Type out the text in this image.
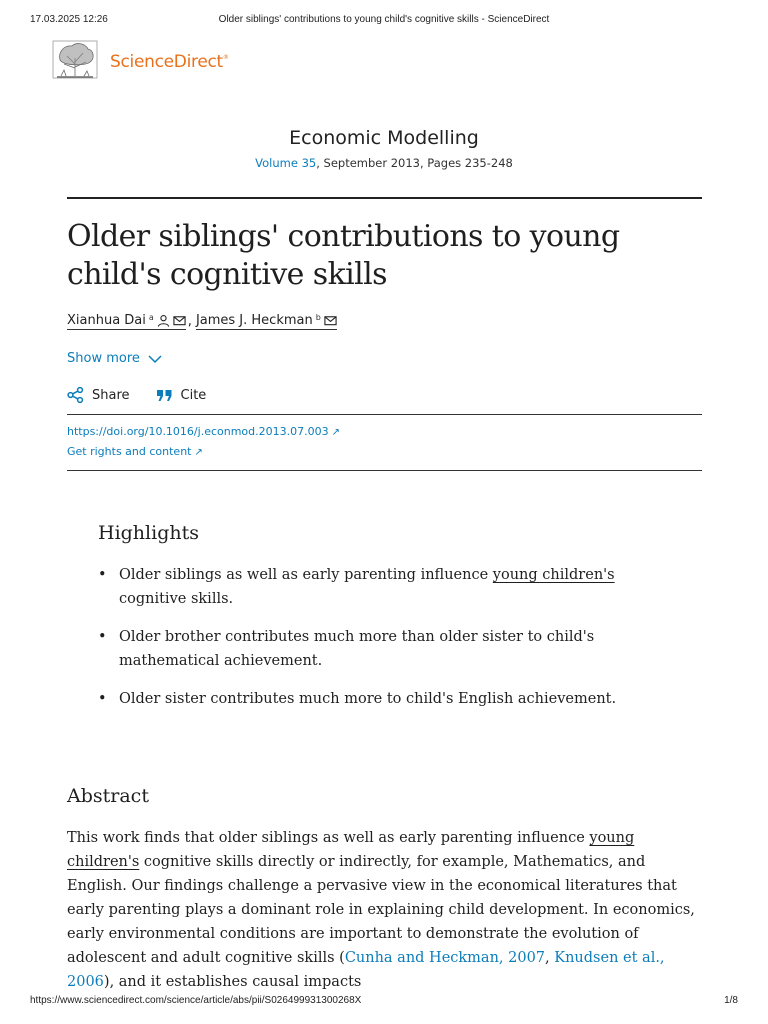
17.03.2025 12:26	Older siblings' contributions to young child's cognitive skills - ScienceDirect
ScienceDirect®
Economic Modelling
Volume 35, September 2013, Pages 235-248
Older siblings' contributions to young child's cognitive skills
Xianhua Dai $^a$	, James J. Heckman $^b$
Show more
Share	Cite
https://doi.org/10.1016/j.econmod.2013.07.003 ↗
Get rights and content ↗
Highlights
• Older siblings as well as early parenting influence young children's cognitive skills.
• Older brother contributes much more than older sister to child's mathematical achievement.
• Older sister contributes much more to child's English achievement.
Abstract

This work finds that older siblings as well as early parenting influence young children's cognitive skills directly or indirectly, for example, Mathematics, and English. Our findings challenge a pervasive view in the economical literatures that early parenting plays a dominant role in explaining child development. In economics, early environmental conditions are important to demonstrate the evolution of adolescent and adult cognitive skills (Cunha and Heckman, 2007, Knudsen et al., 2006), and it establishes causal impacts

https://www.sciencedirect.com/science/article/abs/pii/S026499931300268X	1/8
